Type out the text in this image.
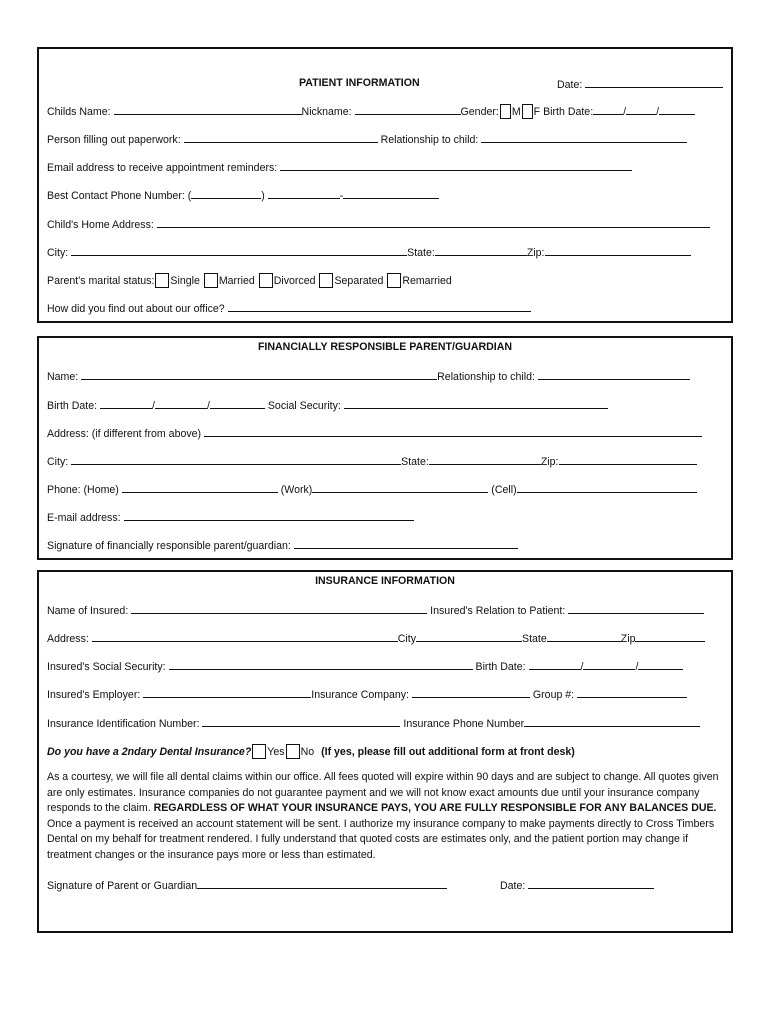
PATIENT INFORMATION	Date:
Childs Name:	Nickname:	Gender: M F Birth Date:	/	/
Person filling out paperwork:	Relationship to child:
Email address to receive appointment reminders:
Best Contact Phone Number: (	)	-
Child's Home Address:
City:	State:	Zip:
Parent's marital status: Single Married Divorced Separated Remarried
How did you find out about our office?
FINANCIALLY RESPONSIBLE PARENT/GUARDIAN
Name:	Relationship to child:
Birth Date:	/	/	Social Security:
Address: (if different from above)
City:	State:	Zip:
Phone: (Home)	(Work)	(Cell)
E-mail address:
Signature of financially responsible parent/guardian:
INSURANCE INFORMATION
Name of Insured:	Insured's Relation to Patient:
Address:	City	State	Zip
Insured's Social Security:	Birth Date:	/	/
Insured's Employer:	Insurance Company:	Group #:
Insurance Identification Number:	Insurance Phone Number
Do you have a 2ndary Dental Insurance? Yes No (If yes, please fill out additional form at front desk)
As a courtesy, we will file all dental claims within our office. All fees quoted will expire within 90 days and are subject to change. All quotes given are only estimates. Insurance companies do not guarantee payment and we will not know exact amounts due until your insurance company responds to the claim. REGARDLESS OF WHAT YOUR INSURANCE PAYS, YOU ARE FULLY RESPONSIBLE FOR ANY BALANCES DUE. Once a payment is received an account statement will be sent. I authorize my insurance company to make payments directly to Cross Timbers Dental on my behalf for treatment rendered. I fully understand that quoted costs are estimates only, and the patient portion may change if treatment changes or the insurance pays more or less than estimated.
Signature of Parent or Guardian	Date:
